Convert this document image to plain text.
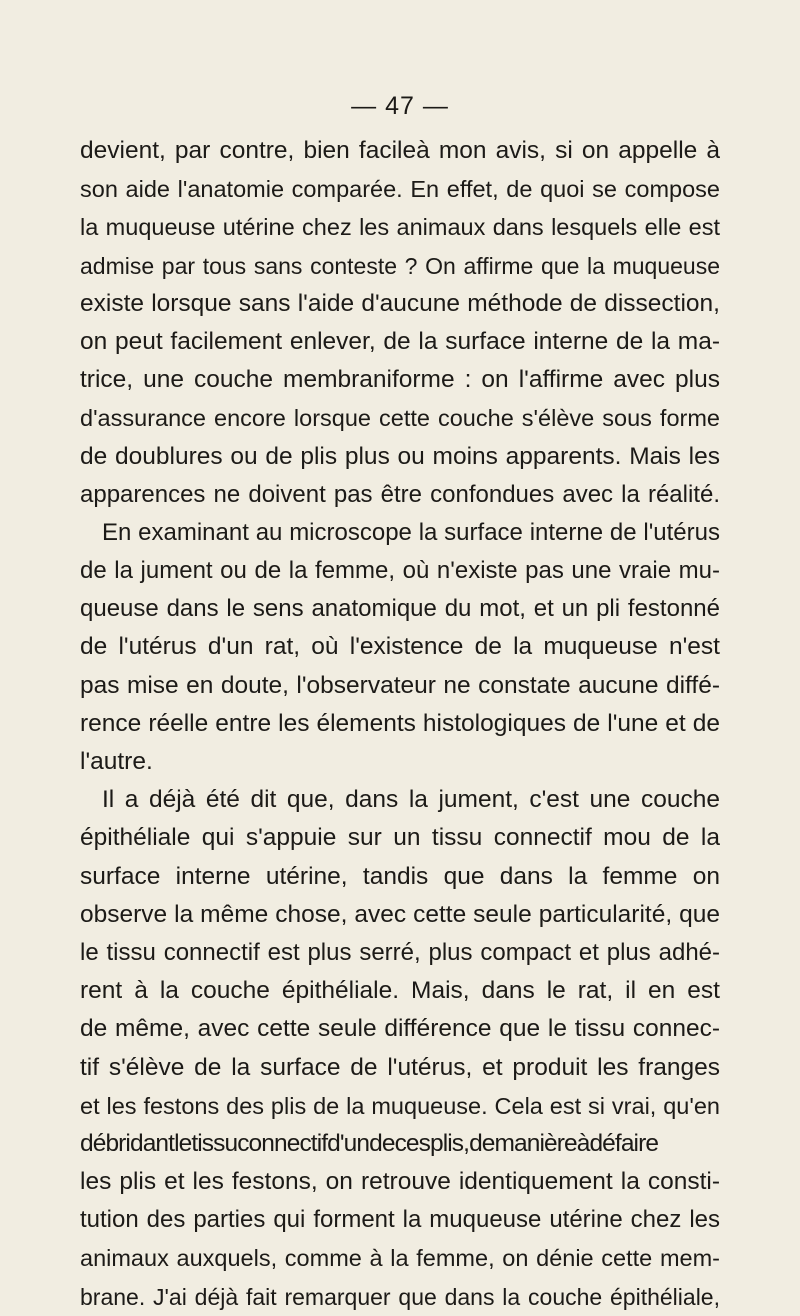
— 47 —
devient, par contre, bien facileà mon avis, si on appelle à
son aide l'anatomie comparée. En effet, de quoi se compose
la muqueuse utérine chez les animaux dans lesquels elle est
admise par tous sans conteste ? On affirme que la muqueuse
existe lorsque sans l'aide d'aucune méthode de dissection,
on peut facilement enlever, de la surface interne de la ma-
trice, une couche membraniforme : on l'affirme avec plus
d'assurance encore lorsque cette couche s'élève sous forme
de doublures ou de plis plus ou moins apparents. Mais les
apparences ne doivent pas être confondues avec la réalité.
En examinant au microscope la surface interne de l'utérus
de la jument ou de la femme, où n'existe pas une vraie mu-
queuse dans le sens anatomique du mot, et un pli festonné
de l'utérus d'un rat, où l'existence de la muqueuse n'est
pas mise en doute, l'observateur ne constate aucune diffé-
rence réelle entre les élements histologiques de l'une et de
l'autre.
Il a déjà été dit que, dans la jument, c'est une couche
épithéliale qui s'appuie sur un tissu connectif mou de la
surface interne utérine, tandis que dans la femme on
observe la même chose, avec cette seule particularité, que
le tissu connectif est plus serré, plus compact et plus adhé-
rent à la couche épithéliale. Mais, dans le rat, il en est
de même, avec cette seule différence que le tissu connec-
tif s'élève de la surface de l'utérus, et produit les franges
et les festons des plis de la muqueuse. Cela est si vrai, qu'en
débridantletissuconnectifd'undecesplis,demanièreàdéfaire
les plis et les festons, on retrouve identiquement la consti-
tution des parties qui forment la muqueuse utérine chez les
animaux auxquels, comme à la femme, on dénie cette mem-
brane. J'ai déjà fait remarquer que dans la couche épithéliale,
